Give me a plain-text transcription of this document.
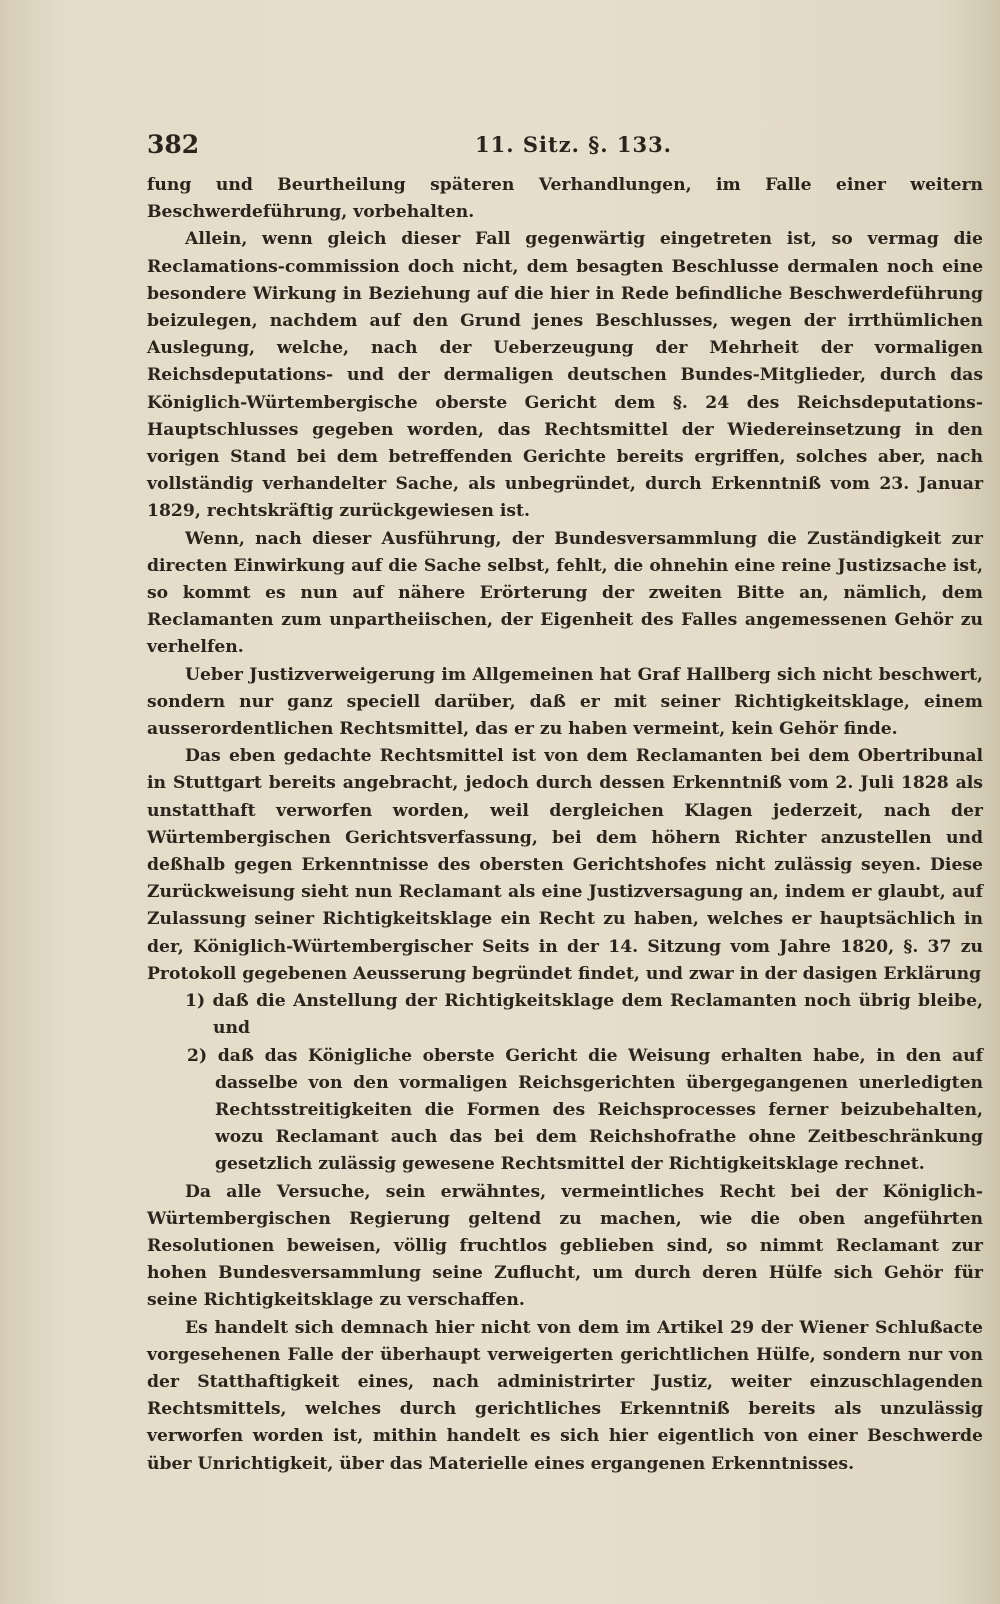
382	11. Sitz. §. 133.

fung und Beurtheilung späteren Verhandlungen, im Falle einer weitern Beschwerdeführung, vorbehalten.

Allein, wenn gleich dieser Fall gegenwärtig eingetreten ist, so vermag die Reclamations-commission doch nicht, dem besagten Beschlusse dermalen noch eine besondere Wirkung in Beziehung auf die hier in Rede befindliche Beschwerdeführung beizulegen, nachdem auf den Grund jenes Beschlusses, wegen der irrthümlichen Auslegung, welche, nach der Ueberzeugung der Mehrheit der vormaligen Reichsdeputations- und der dermaligen deutschen Bundes-Mitglieder, durch das Königlich-Würtembergische oberste Gericht dem §. 24 des Reichsdeputations-Hauptschlusses gegeben worden, das Rechtsmittel der Wiedereinsetzung in den vorigen Stand bei dem betreffenden Gerichte bereits ergriffen, solches aber, nach vollständig verhandelter Sache, als unbegründet, durch Erkenntniß vom 23. Januar 1829, rechtskräftig zurückgewiesen ist.

Wenn, nach dieser Ausführung, der Bundesversammlung die Zuständigkeit zur directen Einwirkung auf die Sache selbst, fehlt, die ohnehin eine reine Justizsache ist, so kommt es nun auf nähere Erörterung der zweiten Bitte an, nämlich, dem Reclamanten zum unpartheiischen, der Eigenheit des Falles angemessenen Gehör zu verhelfen.

Ueber Justizverweigerung im Allgemeinen hat Graf Hallberg sich nicht beschwert, sondern nur ganz speciell darüber, daß er mit seiner Richtigkeitsklage, einem ausserordentlichen Rechtsmittel, das er zu haben vermeint, kein Gehör finde.

Das eben gedachte Rechtsmittel ist von dem Reclamanten bei dem Obertribunal in Stuttgart bereits angebracht, jedoch durch dessen Erkenntniß vom 2. Juli 1828 als unstatthaft verworfen worden, weil dergleichen Klagen jederzeit, nach der Würtembergischen Gerichtsverfassung, bei dem höhern Richter anzustellen und deßhalb gegen Erkenntnisse des obersten Gerichtshofes nicht zulässig seyen. Diese Zurückweisung sieht nun Reclamant als eine Justizversagung an, indem er glaubt, auf Zulassung seiner Richtigkeitsklage ein Recht zu haben, welches er hauptsächlich in der, Königlich-Würtembergischer Seits in der 14. Sitzung vom Jahre 1820, §. 37 zu Protokoll gegebenen Aeusserung begründet findet, und zwar in der dasigen Erklärung

1) daß die Anstellung der Richtigkeitsklage dem Reclamanten noch übrig bleibe, und
2) daß das Königliche oberste Gericht die Weisung erhalten habe, in den auf dasselbe von den vormaligen Reichsgerichten übergegangenen unerledigten Rechtsstreitigkeiten die Formen des Reichsprocesses ferner beizubehalten, wozu Reclamant auch das bei dem Reichshofrathe ohne Zeitbeschränkung gesetzlich zulässig gewesene Rechtsmittel der Richtigkeitsklage rechnet.

Da alle Versuche, sein erwähntes, vermeintliches Recht bei der Königlich-Würtembergischen Regierung geltend zu machen, wie die oben angeführten Resolutionen beweisen, völlig fruchtlos geblieben sind, so nimmt Reclamant zur hohen Bundesversammlung seine Zuflucht, um durch deren Hülfe sich Gehör für seine Richtigkeitsklage zu verschaffen.

Es handelt sich demnach hier nicht von dem im Artikel 29 der Wiener Schlußacte vorgesehenen Falle der überhaupt verweigerten gerichtlichen Hülfe, sondern nur von der Statthaftigkeit eines, nach administrirter Justiz, weiter einzuschlagenden Rechtsmittels, welches durch gerichtliches Erkenntniß bereits als unzulässig verworfen worden ist, mithin handelt es sich hier eigentlich von einer Beschwerde über Unrichtigkeit, über das Materielle eines ergangenen Erkenntnisses.
